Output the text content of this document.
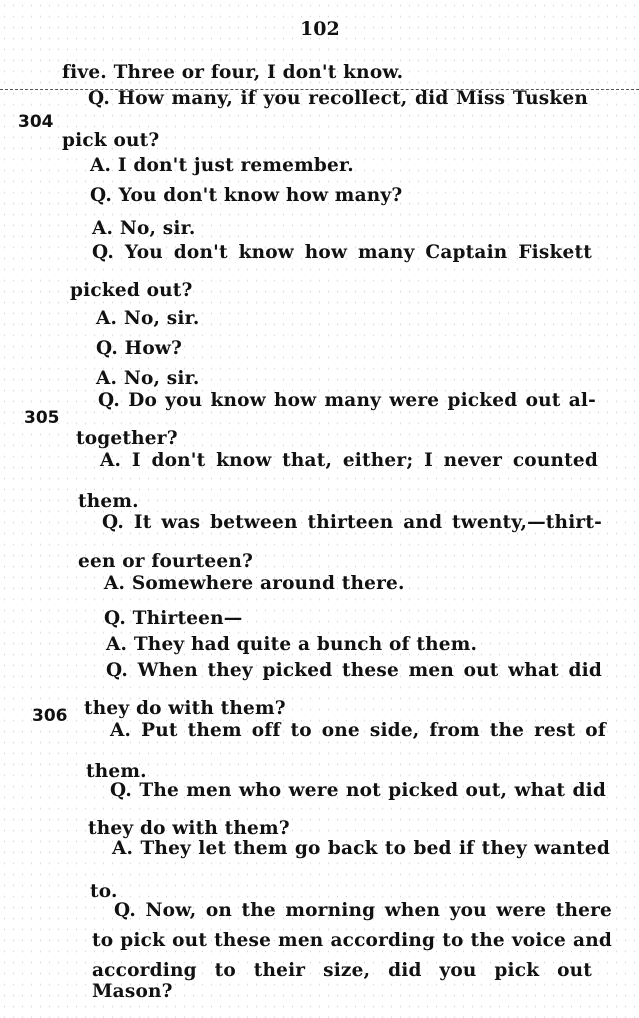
102
304
305
306
five. Three or four, I don't know.
Q. How many, if you recollect, did Miss Tusken
pick out?
A. I don't just remember.
Q. You don't know how many?
A. No, sir.
Q. You don't know how many Captain Fiskett
picked out?
A. No, sir.
Q. How?
A. No, sir.
Q. Do you know how many were picked out al-
together?
A. I don't know that, either; I never counted
them.
Q. It was between thirteen and twenty,—thirt-
een or fourteen?
A. Somewhere around there.
Q. Thirteen—
A. They had quite a bunch of them.
Q. When they picked these men out what did
they do with them?
A. Put them off to one side, from the rest of
them.
Q. The men who were not picked out, what did
they do with them?
A. They let them go back to bed if they wanted
to.
Q. Now, on the morning when you were there
to pick out these men according to the voice and
according to their size, did you pick out Mason?
